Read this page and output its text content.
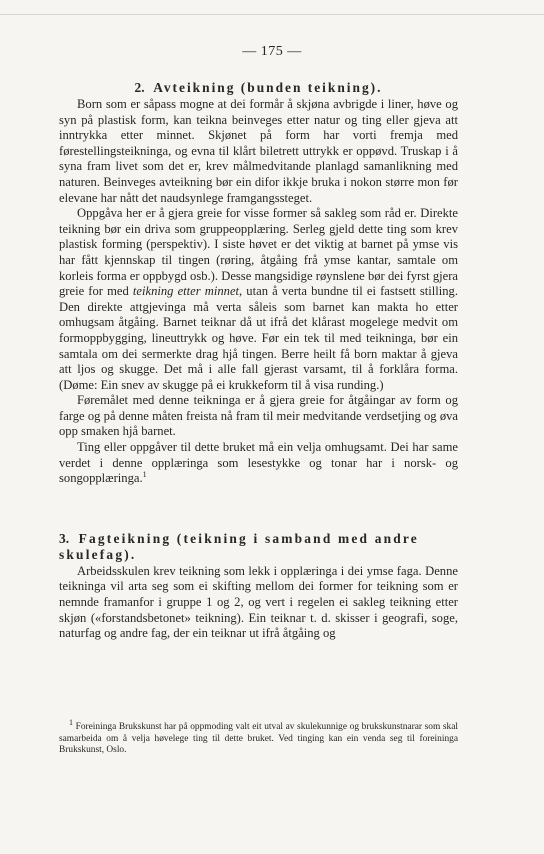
— 175 —
2. Avteikning (bunden teikning).

Born som er såpass mogne at dei formår å skjøna avbrigde i liner, høve og syn på plastisk form, kan teikna beinveges etter natur og ting eller gjeva att inntrykka etter minnet. Skjønet på form har vorti fremja med førestellingsteikninga, og evna til klårt biletrett uttrykk er oppøvd. Truskap i å syna fram livet som det er, krev målmedvitande planlagd samanlikning med naturen. Beinveges avteikning bør ein difor ikkje bruka i nokon større mon før elevane har nått det naudsynlege framgangssteget.

Oppgåva her er å gjera greie for visse former så sakleg som råd er. Direkte teikning bør ein driva som gruppeopplæring. Serleg gjeld dette ting som krev plastisk forming (perspektiv). I siste høvet er det viktig at barnet på ymse vis har fått kjennskap til tingen (røring, åtgåing frå ymse kantar, samtale om korleis forma er oppbygd osb.). Desse mangsidige røynslene bør dei fyrst gjera greie for med teikning etter minnet, utan å verta bundne til ei fastsett stilling. Den direkte attgjevinga må verta såleis som barnet kan makta ho etter omhugsam åtgåing. Barnet teiknar då ut ifrå det klårast mogelege medvit om formoppbygging, lineuttrykk og høve. Før ein tek til med teikninga, bør ein samtala om dei sermerkte drag hjå tingen. Berre heilt få born maktar å gjeva att ljos og skugge. Det må i alle fall gjerast varsamt, til å forklåra forma. (Døme: Ein snev av skugge på ei krukkeform til å visa runding.)

Føremålet med denne teikninga er å gjera greie for åtgåingar av form og farge og på denne måten freista nå fram til meir medvitande verdsetjing og øva opp smaken hjå barnet.

Ting eller oppgåver til dette bruket må ein velja omhugsamt. Dei har same verdet i denne opplæringa som lesestykke og tonar har i norsk- og songopplæringa.$^1$

3. Fagteikning (teikning i samband med andre skulefag).

Arbeidsskulen krev teikning som lekk i opplæringa i dei ymse faga. Denne teikninga vil arta seg som ei skifting mellom dei former for teikning som er nemnde framanfor i gruppe 1 og 2, og vert i regelen ei sakleg teikning etter skjøn («forstandsbetonet» teikning). Ein teiknar t. d. skisser i geografi, soge, naturfag og andre fag, der ein teiknar ut ifrå åtgåing og

$^1$ Foreininga Brukskunst har på oppmoding valt eit utval av skulekunnige og brukskunstnarar som skal samarbeida om å velja høvelege ting til dette bruket. Ved tinging kan ein venda seg til foreininga Brukskunst, Oslo.
